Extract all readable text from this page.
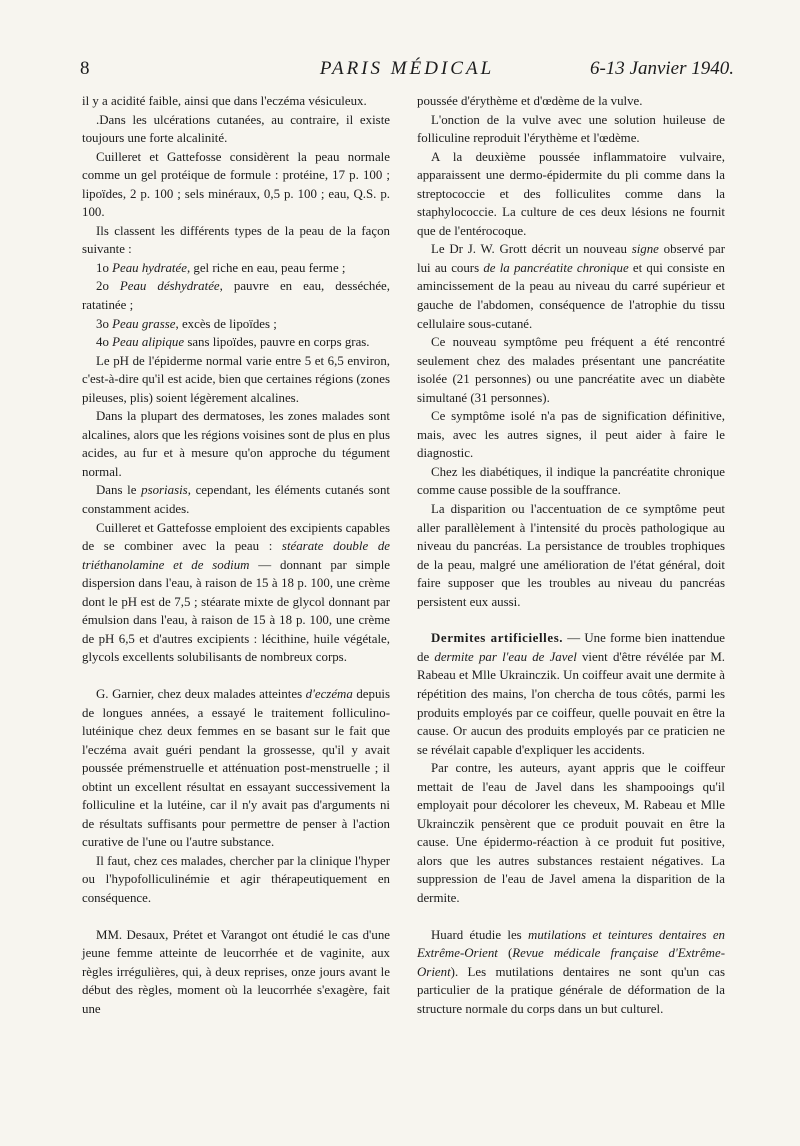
8	PARIS MÉDICAL	6-13 Janvier 1940.

il y a acidité faible, ainsi que dans l'eczéma vésiculeux.

.Dans les ulcérations cutanées, au contraire, il existe toujours une forte alcalinité.

Cuilleret et Gattefosse considèrent la peau normale comme un gel protéique de formule : protéine, 17 p. 100 ; lipoïdes, 2 p. 100 ; sels minéraux, 0,5 p. 100 ; eau, Q.S. p. 100.

Ils classent les différents types de la peau de la façon suivante :

1o Peau hydratée, gel riche en eau, peau ferme ;

2o Peau déshydratée, pauvre en eau, desséchée, ratatinée ;

3o Peau grasse, excès de lipoïdes ;

4o Peau alipique sans lipoïdes, pauvre en corps gras.

Le pH de l'épiderme normal varie entre 5 et 6,5 environ, c'est-à-dire qu'il est acide, bien que certaines régions (zones pileuses, plis) soient légèrement alcalines.

Dans la plupart des dermatoses, les zones malades sont alcalines, alors que les régions voisines sont de plus en plus acides, au fur et à mesure qu'on approche du tégument normal.

Dans le psoriasis, cependant, les éléments cutanés sont constamment acides.

Cuilleret et Gattefosse emploient des excipients capables de se combiner avec la peau : stéarate double de triéthanolamine et de sodium — donnant par simple dispersion dans l'eau, à raison de 15 à 18 p. 100, une crème dont le pH est de 7,5 ; stéarate mixte de glycol donnant par émulsion dans l'eau, à raison de 15 à 18 p. 100, une crème de pH 6,5 et d'autres excipients : lécithine, huile végétale, glycols excellents solubilisants de nombreux corps.

G. Garnier, chez deux malades atteintes d'eczéma depuis de longues années, a essayé le traitement folliculino-lutéinique chez deux femmes en se basant sur le fait que l'eczéma avait guéri pendant la grossesse, qu'il y avait poussée prémenstruelle et atténuation post-menstruelle ; il obtint un excellent résultat en essayant successivement la folliculine et la lutéine, car il n'y avait pas d'arguments ni de résultats suffisants pour permettre de penser à l'action curative de l'une ou l'autre substance.

Il faut, chez ces malades, chercher par la clinique l'hyper ou l'hypofolliculinémie et agir thérapeutiquement en conséquence.

MM. Desaux, Prétet et Varangot ont étudié le cas d'une jeune femme atteinte de leucorrhée et de vaginite, aux règles irrégulières, qui, à deux reprises, onze jours avant le début des règles, moment où la leucorrhée s'exagère, fait une

poussée d'érythème et d'œdème de la vulve.

L'onction de la vulve avec une solution huileuse de folliculine reproduit l'érythème et l'œdème.

A la deuxième poussée inflammatoire vulvaire, apparaissent une dermo-épidermite du pli comme dans la streptococcie et des folliculites comme dans la staphylococcie. La culture de ces deux lésions ne fournit que de l'entérocoque.

Le Dr J. W. Grott décrit un nouveau signe observé par lui au cours de la pancréatite chronique et qui consiste en amincissement de la peau au niveau du carré supérieur et gauche de l'abdomen, conséquence de l'atrophie du tissu cellulaire sous-cutané.

Ce nouveau symptôme peu fréquent a été rencontré seulement chez des malades présentant une pancréatite isolée (21 personnes) ou une pancréatite avec un diabète simultané (31 personnes).

Ce symptôme isolé n'a pas de signification définitive, mais, avec les autres signes, il peut aider à faire le diagnostic.

Chez les diabétiques, il indique la pancréatite chronique comme cause possible de la souffrance.

La disparition ou l'accentuation de ce symptôme peut aller parallèlement à l'intensité du procès pathologique au niveau du pancréas. La persistance de troubles trophiques de la peau, malgré une amélioration de l'état général, doit faire supposer que les troubles au niveau du pancréas persistent eux aussi.

Dermites artificielles. — Une forme bien inattendue de dermite par l'eau de Javel vient d'être révélée par M. Rabeau et Mlle Ukrainczik. Un coiffeur avait une dermite à répétition des mains, l'on chercha de tous côtés, parmi les produits employés par ce coiffeur, quelle pouvait en être la cause. Or aucun des produits employés par ce praticien ne se révélait capable d'expliquer les accidents.

Par contre, les auteurs, ayant appris que le coiffeur mettait de l'eau de Javel dans les shampooings qu'il employait pour décolorer les cheveux, M. Rabeau et Mlle Ukrainczik pensèrent que ce produit pouvait en être la cause. Une épidermo-réaction à ce produit fut positive, alors que les autres substances restaient négatives. La suppression de l'eau de Javel amena la disparition de la dermite.

Huard étudie les mutilations et teintures dentaires en Extrême-Orient (Revue médicale française d'Extrême-Orient). Les mutilations dentaires ne sont qu'un cas particulier de la pratique générale de déformation de la structure normale du corps dans un but culturel.
